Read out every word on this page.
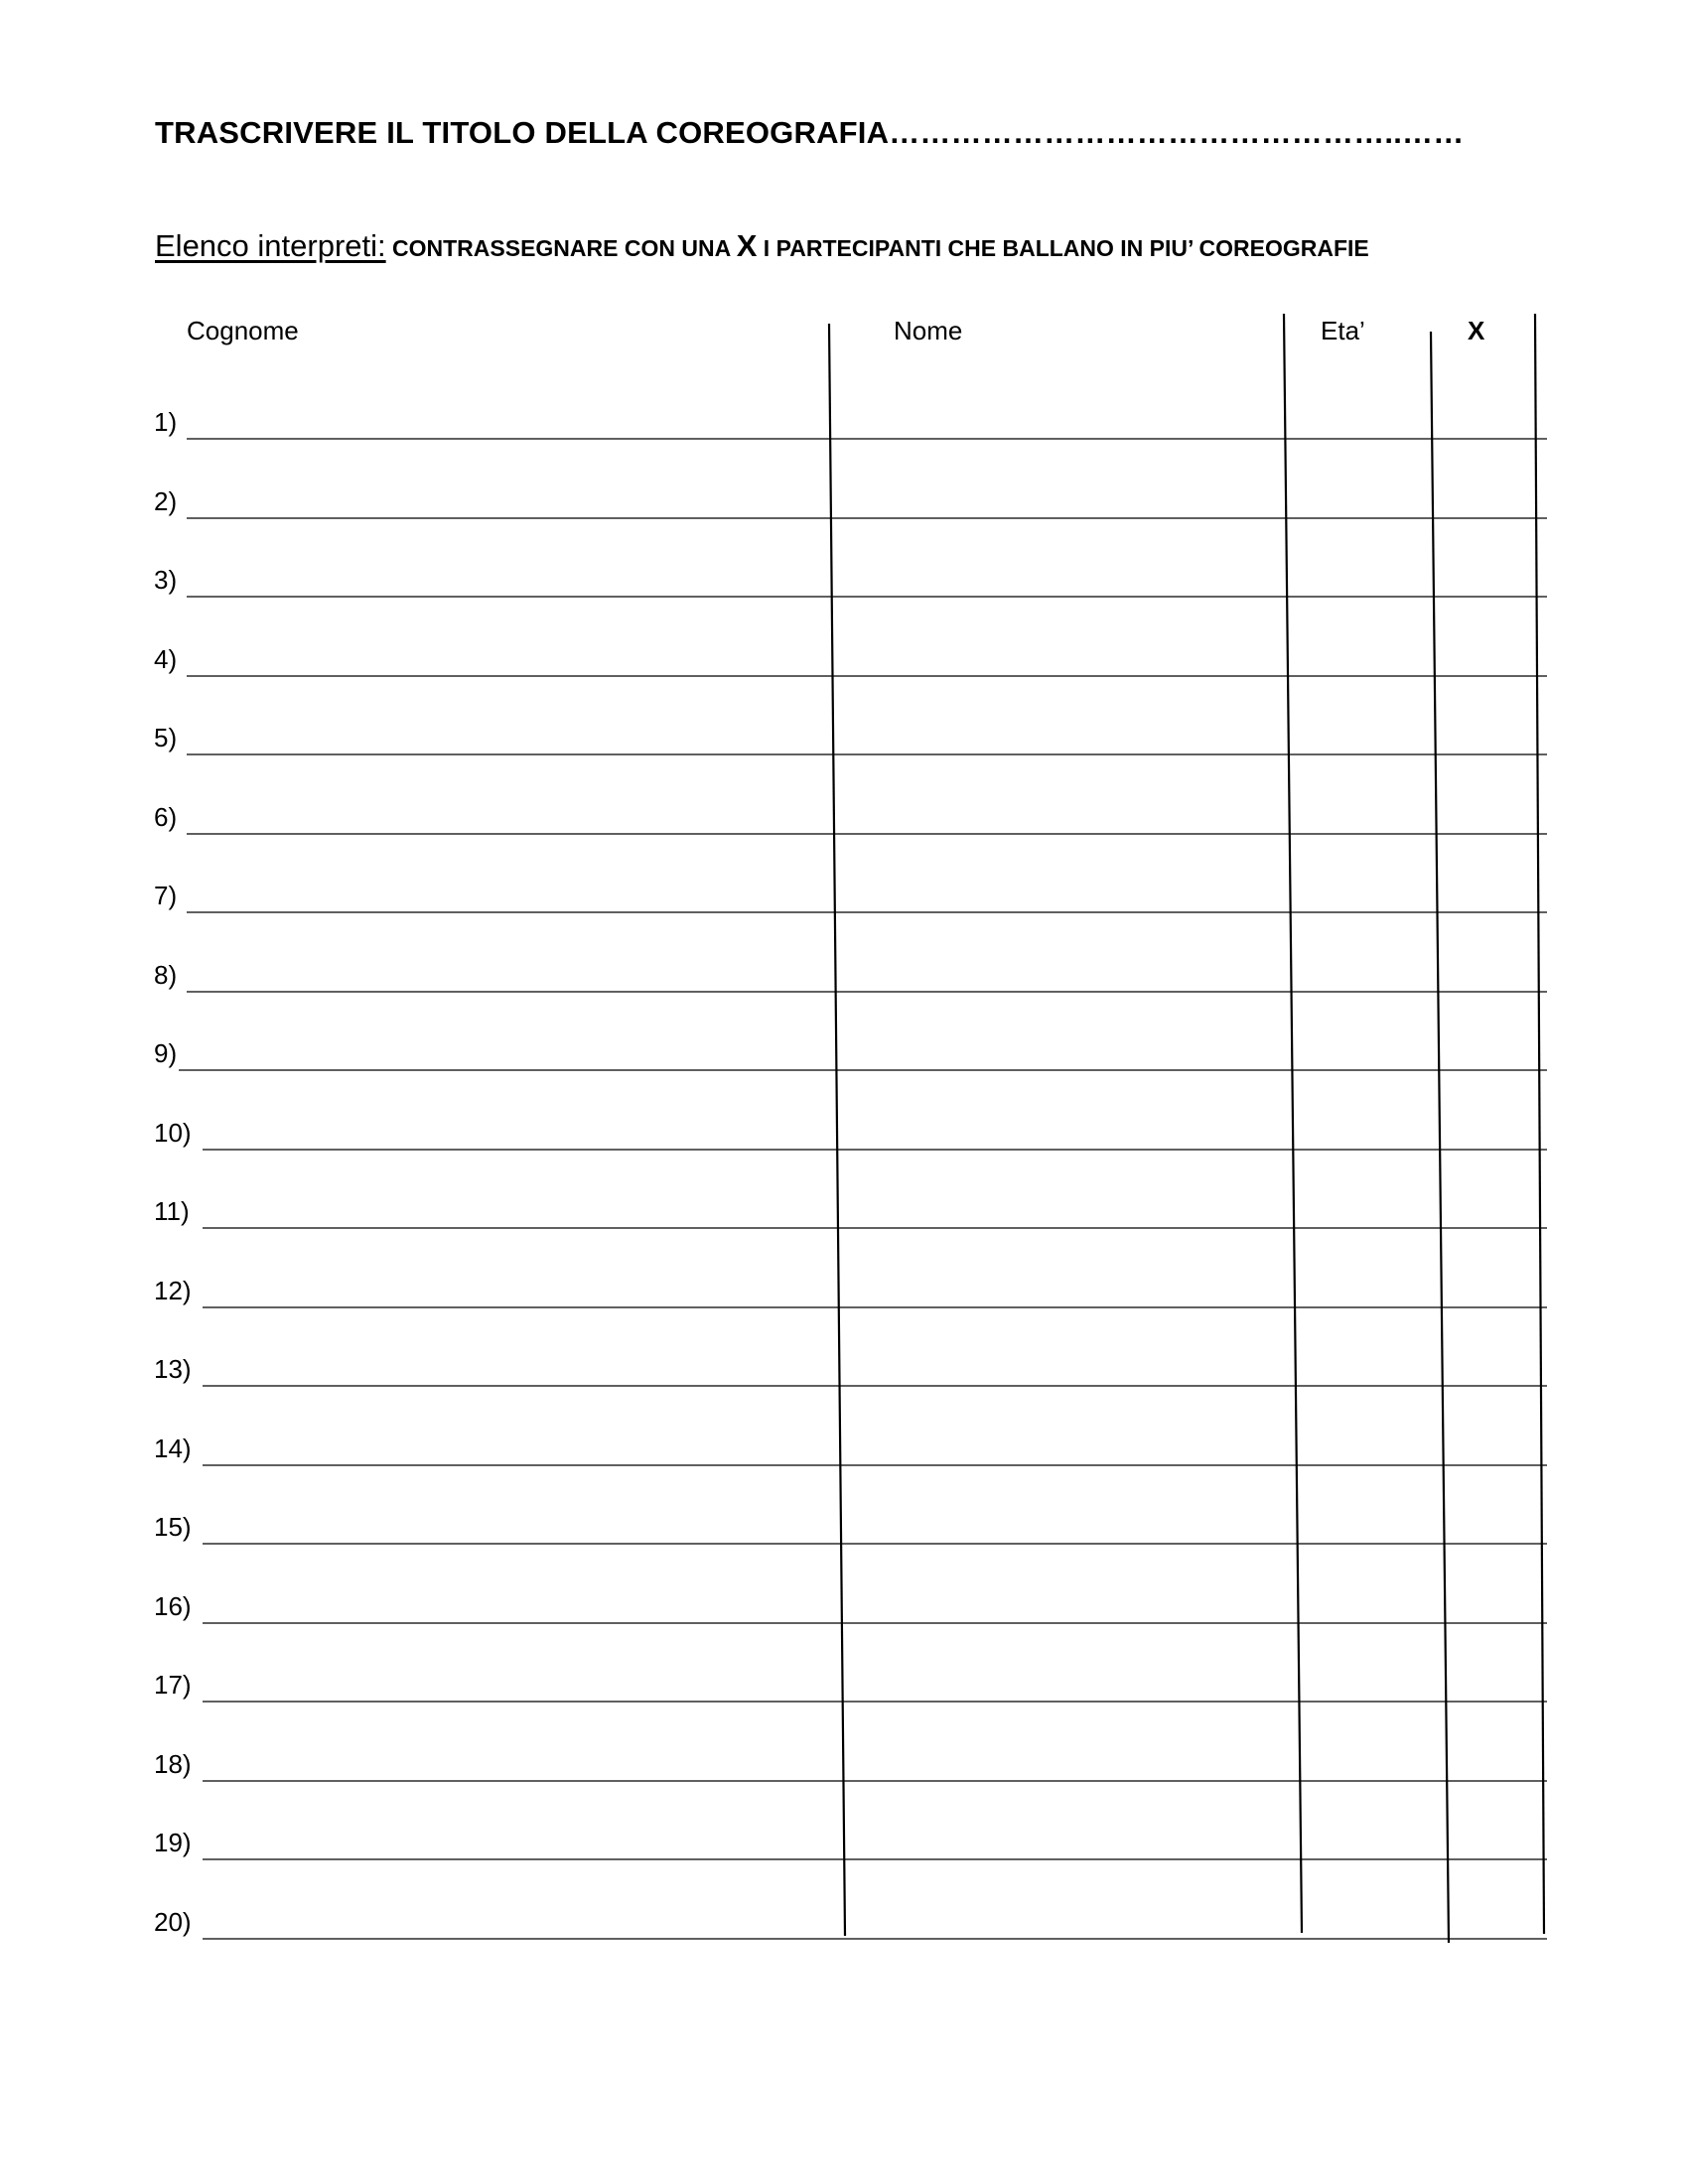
TRASCRIVERE IL TITOLO DELLA COREOGRAFIA…………………………………………..……
Elenco interpreti: CONTRASSEGNARE CON UNA X I PARTECIPANTI CHE BALLANO IN PIU’ COREOGRAFIE
Cognome	Nome	Eta’	X
1)
2)
3)
4)
5)
6)
7)
8)
9)
10)
11)
12)
13)
14)
15)
16)
17)
18)
19)
20)
